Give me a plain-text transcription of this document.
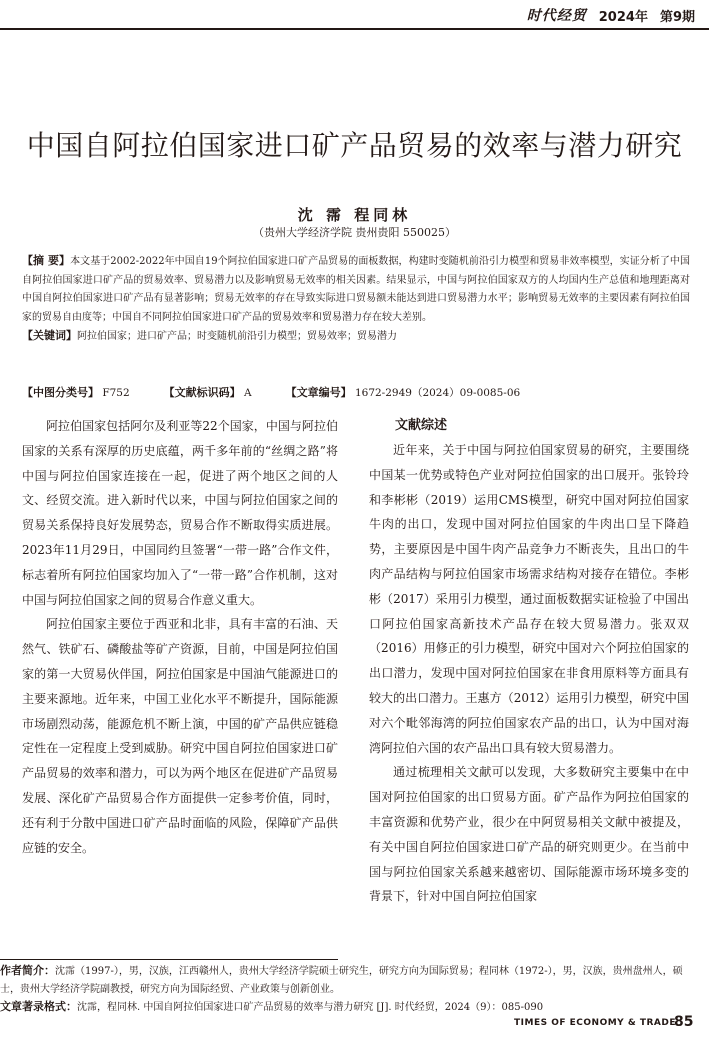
时代经贸 2024年 第9期
中国自阿拉伯国家进口矿产品贸易的效率与潜力研究
沈 霈 程同林
（贵州大学经济学院 贵州贵阳 550025）
【摘 要】本文基于2002-2022年中国自19个阿拉伯国家进口矿产品贸易的面板数据，构建时变随机前沿引力模型和贸易非效率模型，实证分析了中国自阿拉伯国家进口矿产品的贸易效率、贸易潜力以及影响贸易无效率的相关因素。结果显示，中国与阿拉伯国家双方的人均国内生产总值和地理距离对中国自阿拉伯国家进口矿产品有显著影响；贸易无效率的存在导致实际进口贸易额未能达到进口贸易潜力水平；影响贸易无效率的主要因素有阿拉伯国家的贸易自由度等；中国自不同阿拉伯国家进口矿产品的贸易效率和贸易潜力存在较大差别。
【关键词】阿拉伯国家；进口矿产品；时变随机前沿引力模型；贸易效率；贸易潜力
【中图分类号】 F752	【文献标识码】 A	【文章编号】 1672-2949（2024）09-0085-06

阿拉伯国家包括阿尔及利亚等22个国家，中国与阿拉伯国家的关系有深厚的历史底蕴，两千多年前的“丝绸之路”将中国与阿拉伯国家连接在一起，促进了两个地区之间的人文、经贸交流。进入新时代以来，中国与阿拉伯国家之间的贸易关系保持良好发展势态，贸易合作不断取得实质进展。2023年11月29日，中国同约旦签署“一带一路”合作文件，标志着所有阿拉伯国家均加入了“一带一路”合作机制，这对中国与阿拉伯国家之间的贸易合作意义重大。

阿拉伯国家主要位于西亚和北非，具有丰富的石油、天然气、铁矿石、磷酸盐等矿产资源，目前，中国是阿拉伯国家的第一大贸易伙伴国，阿拉伯国家是中国油气能源进口的主要来源地。近年来，中国工业化水平不断提升，国际能源市场剧烈动荡，能源危机不断上演，中国的矿产品供应链稳定性在一定程度上受到威胁。研究中国自阿拉伯国家进口矿产品贸易的效率和潜力，可以为两个地区在促进矿产品贸易发展、深化矿产品贸易合作方面提供一定参考价值，同时，还有利于分散中国进口矿产品时面临的风险，保障矿产品供应链的安全。

文献综述

近年来，关于中国与阿拉伯国家贸易的研究，主要围绕中国某一优势或特色产业对阿拉伯国家的出口展开。张铃玲和李彬彬（2019）运用CMS模型，研究中国对阿拉伯国家牛肉的出口，发现中国对阿拉伯国家的牛肉出口呈下降趋势，主要原因是中国牛肉产品竞争力不断丧失，且出口的牛肉产品结构与阿拉伯国家市场需求结构对接存在错位。李彬彬（2017）采用引力模型，通过面板数据实证检验了中国出口阿拉伯国家高新技术产品存在较大贸易潜力。张双双（2016）用修正的引力模型，研究中国对六个阿拉伯国家的出口潜力，发现中国对阿拉伯国家在非食用原料等方面具有较大的出口潜力。王惠方（2012）运用引力模型，研究中国对六个毗邻海湾的阿拉伯国家农产品的出口，认为中国对海湾阿拉伯六国的农产品出口具有较大贸易潜力。

通过梳理相关文献可以发现，大多数研究主要集中在中国对阿拉伯国家的出口贸易方面。矿产品作为阿拉伯国家的丰富资源和优势产业，很少在中阿贸易相关文献中被提及，有关中国自阿拉伯国家进口矿产品的研究则更少。在当前中国与阿拉伯国家关系越来越密切、国际能源市场环境多变的背景下，针对中国自阿拉伯国家

作者简介：沈霈（1997-），男，汉族，江西赣州人，贵州大学经济学院硕士研究生，研究方向为国际贸易；程同林（1972-），男，汉族，贵州盘州人，硕士，贵州大学经济学院副教授，研究方向为国际经贸、产业政策与创新创业。

文章著录格式：沈霈，程同林. 中国自阿拉伯国家进口矿产品贸易的效率与潜力研究 [J]. 时代经贸，2024（9）：085-090

TIMES OF ECONOMY & TRADE
85
